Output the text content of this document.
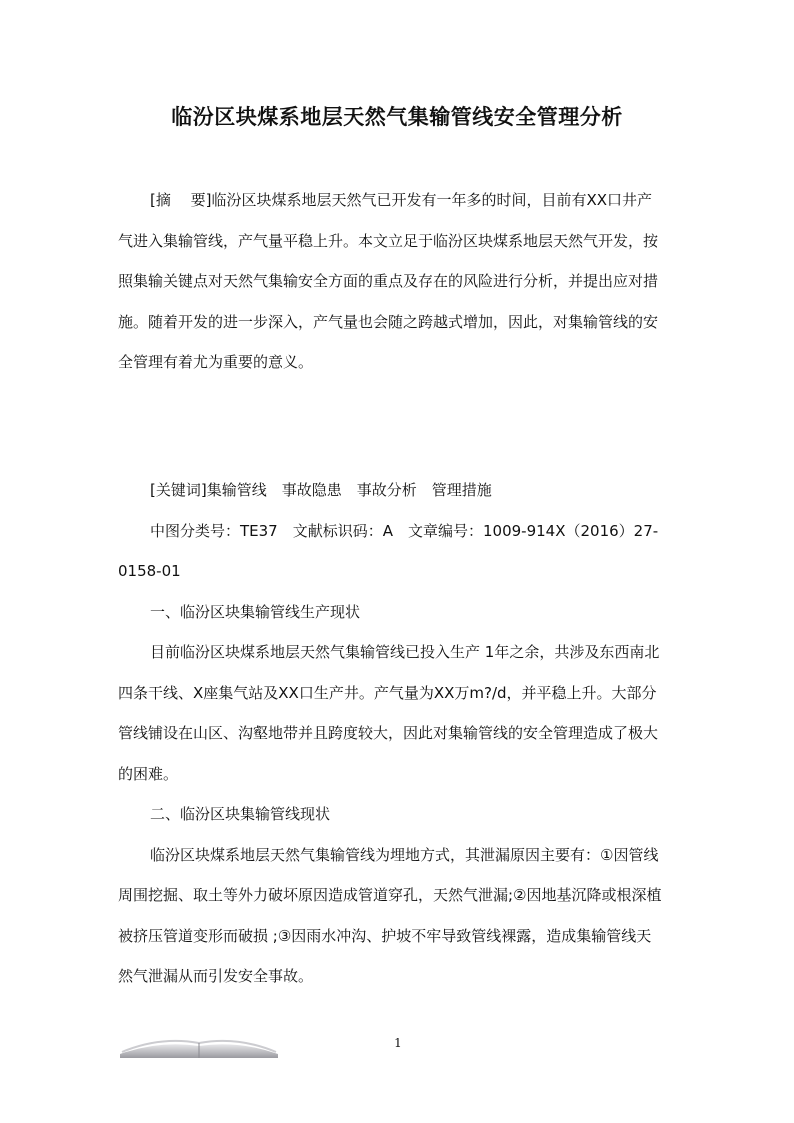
临汾区块煤系地层天然气集输管线安全管理分析

[摘　 要]临汾区块煤系地层天然气已开发有一年多的时间，目前有XX口井产气进入集输管线，产气量平稳上升。本文立足于临汾区块煤系地层天然气开发，按照集输关键点对天然气集输安全方面的重点及存在的风险进行分析，并提出应对措施。随着开发的进一步深入，产气量也会随之跨越式增加，因此，对集输管线的安全管理有着尤为重要的意义。

[关键词]集输管线　事故隐患　事故分析　管理措施

中图分类号：TE37　文献标识码：A　文章编号：1009-914X（2016）27-0158-01

一、临汾区块集输管线生产现状

目前临汾区块煤系地层天然气集输管线已投入生产 1年之余，共涉及东西南北四条干线、X座集气站及XX口生产井。产气量为XX万m?/d，并平稳上升。大部分管线铺设在山区、沟壑地带并且跨度较大，因此对集输管线的安全管理造成了极大的困难。

二、临汾区块集输管线现状

临汾区块煤系地层天然气集输管线为埋地方式，其泄漏原因主要有：①因管线周围挖掘、取土等外力破坏原因造成管道穿孔，天然气泄漏;②因地基沉降或根深植被挤压管道变形而破损 ;③因雨水冲沟、护坡不牢导致管线裸露，造成集输管线天然气泄漏从而引发安全事故。

1
